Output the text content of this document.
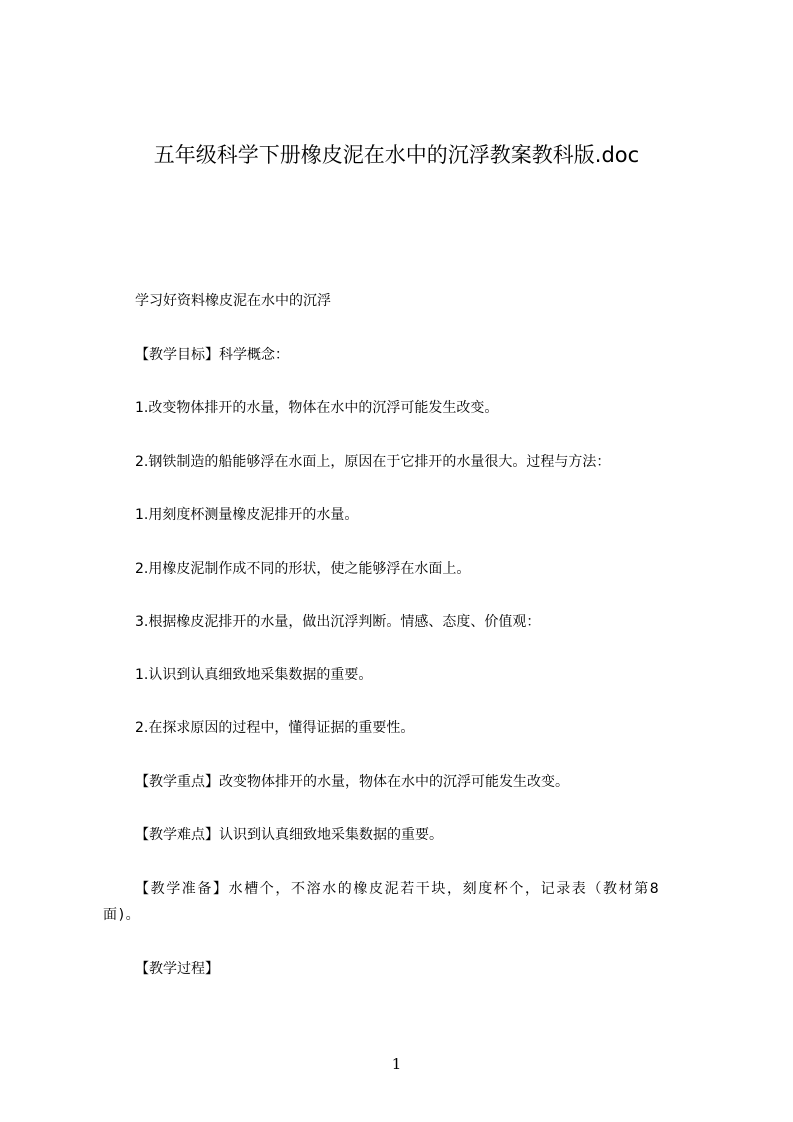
五年级科学下册橡皮泥在水中的沉浮教案教科版.doc

学习好资料橡皮泥在水中的沉浮

【教学目标】科学概念：

1.改变物体排开的水量，物体在水中的沉浮可能发生改变。

2.钢铁制造的船能够浮在水面上，原因在于它排开的水量很大。过程与方法：

1.用刻度杯测量橡皮泥排开的水量。

2.用橡皮泥制作成不同的形状，使之能够浮在水面上。

3.根据橡皮泥排开的水量，做出沉浮判断。情感、态度、价值观：

1.认识到认真细致地采集数据的重要。

2.在探求原因的过程中，懂得证据的重要性。

【教学重点】改变物体排开的水量，物体在水中的沉浮可能发生改变。

【教学难点】认识到认真细致地采集数据的重要。

【教学准备】水槽个，不溶水的橡皮泥若干块，刻度杯个，记录表（教材第8面)。

【教学过程】

1
